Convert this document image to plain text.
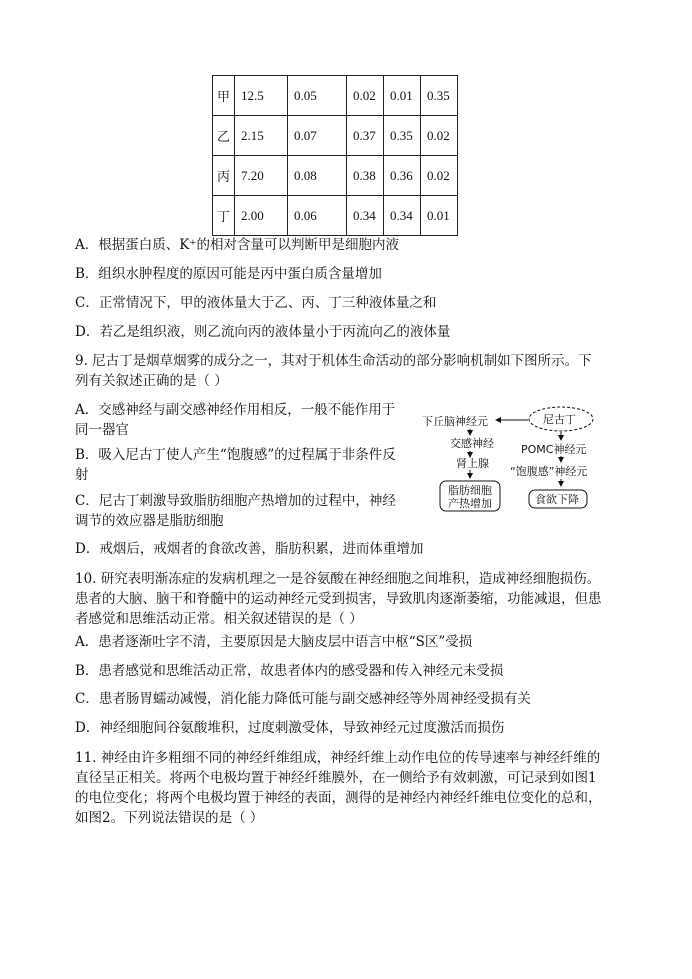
甲	12.5	0.05	0.02	0.01	0.35
乙	2.15	0.07	0.37	0.35	0.02
丙	7.20	0.08	0.38	0.36	0.02
丁	2.00	0.06	0.34	0.34	0.01
A．根据蛋白质、K⁺的相对含量可以判断甲是细胞内液
B．组织水肿程度的原因可能是丙中蛋白质含量增加
C．正常情况下，甲的液体量大于乙、丙、丁三种液体量之和
D．若乙是组织液，则乙流向丙的液体量小于丙流向乙的液体量
9. 尼古丁是烟草烟雾的成分之一，其对于机体生命活动的部分影响机制如下图所示。下
列有关叙述正确的是（ ）
A．交感神经与副交感神经作用相反，一般不能作用于
同一器官
B．吸入尼古丁使人产生“饱腹感”的过程属于非条件反
射
C．尼古丁刺激导致脂肪细胞产热增加的过程中，神经
调节的效应器是脂肪细胞
D．戒烟后，戒烟者的食欲改善，脂肪积累，进而体重增加
下丘脑神经元	尼古丁
交感神经
肾上腺
脂肪细胞
产热增加
POMC神经元
“饱腹感”神经元
食欲下降
10. 研究表明渐冻症的发病机理之一是谷氨酸在神经细胞之间堆积，造成神经细胞损伤。
患者的大脑、脑干和脊髓中的运动神经元受到损害，导致肌肉逐渐萎缩，功能减退，但患
者感觉和思维活动正常。相关叙述错误的是（ ）
A．患者逐渐吐字不清，主要原因是大脑皮层中语言中枢“S区”受损
B．患者感觉和思维活动正常，故患者体内的感受器和传入神经元未受损
C．患者肠胃蠕动减慢，消化能力降低可能与副交感神经等外周神经受损有关
D．神经细胞间谷氨酸堆积，过度刺激受体，导致神经元过度激活而损伤
11. 神经由许多粗细不同的神经纤维组成，神经纤维上动作电位的传导速率与神经纤维的
直径呈正相关。将两个电极均置于神经纤维膜外，在一侧给予有效刺激，可记录到如图1
的电位变化；将两个电极均置于神经的表面，测得的是神经内神经纤维电位变化的总和，
如图2。下列说法错误的是（ ）
